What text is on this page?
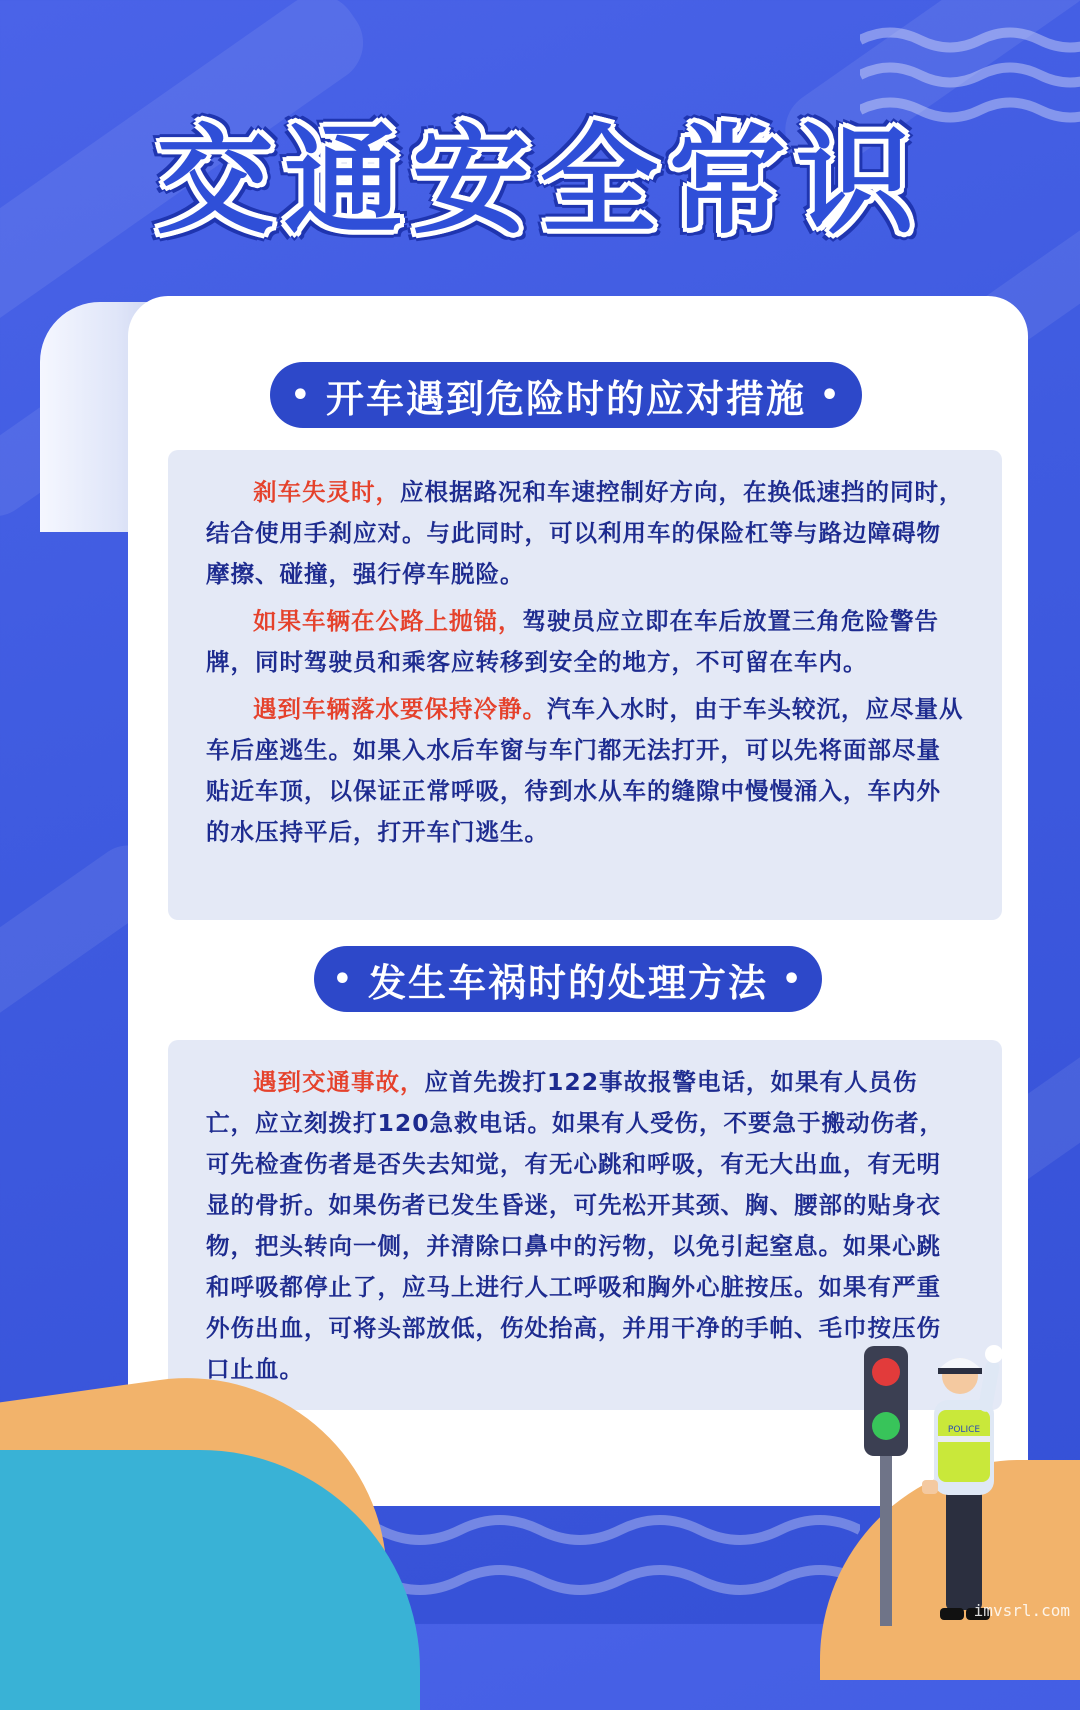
交通安全常识
• 开车遇到危险时的应对措施 •

刹车失灵时，应根据路况和车速控制好方向，在换低速挡的同时，结合使用手刹应对。与此同时，可以利用车的保险杠等与路边障碍物摩擦、碰撞，强行停车脱险。

如果车辆在公路上抛锚，驾驶员应立即在车后放置三角危险警告牌，同时驾驶员和乘客应转移到安全的地方，不可留在车内。

遇到车辆落水要保持冷静。汽车入水时，由于车头较沉，应尽量从车后座逃生。如果入水后车窗与车门都无法打开，可以先将面部尽量贴近车顶，以保证正常呼吸，待到水从车的缝隙中慢慢涌入，车内外的水压持平后，打开车门逃生。

• 发生车祸时的处理方法 •

遇到交通事故，应首先拨打122事故报警电话，如果有人员伤亡，应立刻拨打120急救电话。如果有人受伤，不要急于搬动伤者，可先检查伤者是否失去知觉，有无心跳和呼吸，有无大出血，有无明显的骨折。如果伤者已发生昏迷，可先松开其颈、胸、腰部的贴身衣物，把头转向一侧，并清除口鼻中的污物，以免引起窒息。如果心跳和呼吸都停止了，应马上进行人工呼吸和胸外心脏按压。如果有严重外伤出血，可将头部放低，伤处抬高，并用干净的手帕、毛巾按压伤口止血。

POLICE
imvsrl.com
